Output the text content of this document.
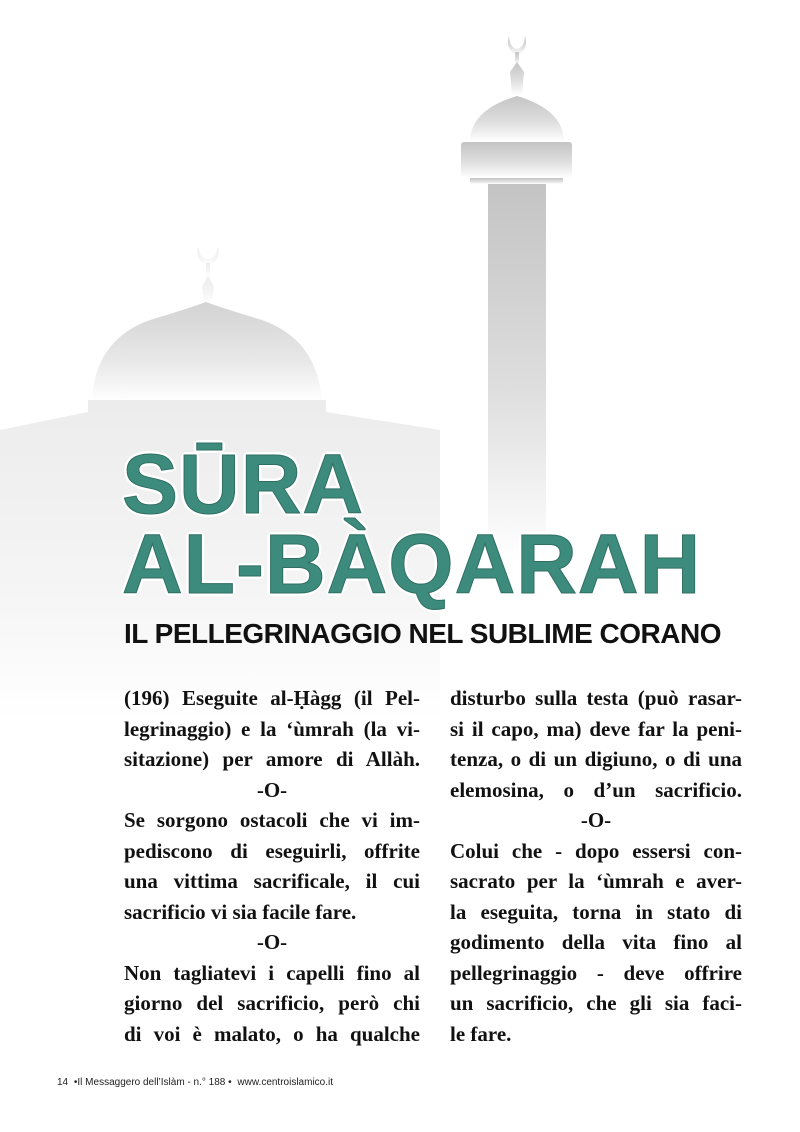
SŪRA
AL-BÀQARAH
IL PELLEGRINAGGIO NEL SUBLIME CORANO
(196) Eseguite al-Ḥàgg (il Pel-
legrinaggio) e la ‘ùmrah (la vi-
sitazione) per amore di Allàh.
-O-
Se sorgono ostacoli che vi im-
pediscono di eseguirli, offrite
una vittima sacrificale, il cui
sacrificio vi sia facile fare.
-O-
Non tagliatevi i capelli fino al
giorno del sacrificio, però chi
di voi è malato, o ha qualche
disturbo sulla testa (può rasar-
si il capo, ma) deve far la peni-
tenza, o di un digiuno, o di una
elemosina, o d’un sacrificio.
-O-
Colui che - dopo essersi con-
sacrato per la ‘ùmrah e aver-
la eseguita, torna in stato di
godimento della vita fino al
pellegrinaggio - deve offrire
un sacrificio, che gli sia faci-
le fare.
14 •Il Messaggero dell’Islàm - n.° 188 • www.centroislamico.it
